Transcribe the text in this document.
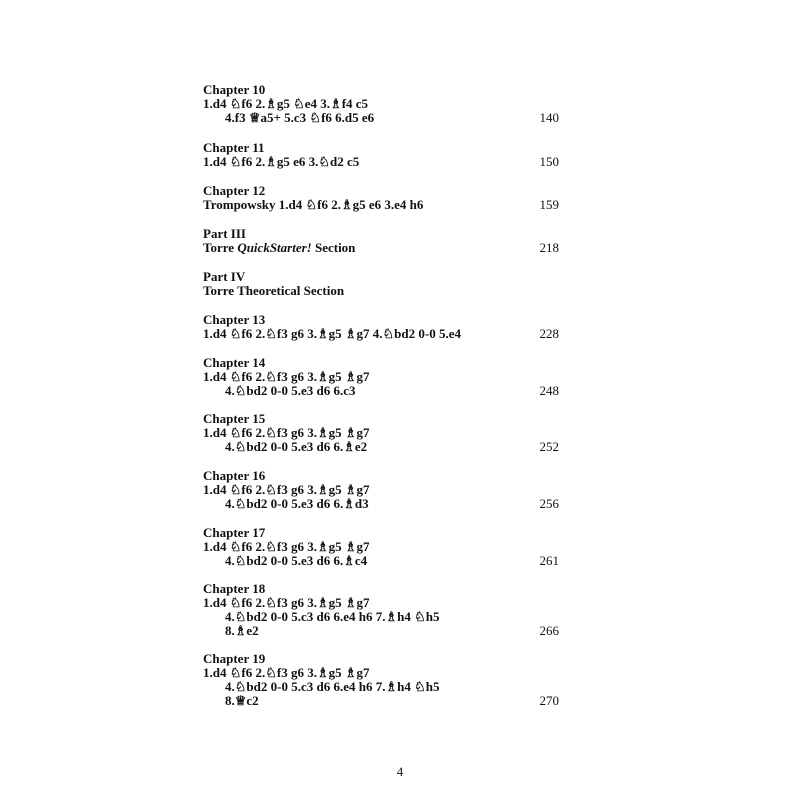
Chapter 10
1.d4 ♘f6 2.♗g5 ♘e4 3.♗f4 c5
4.f3 ♕a5+ 5.c3 ♘f6 6.d5 e6	140
Chapter 11
1.d4 ♘f6 2.♗g5 e6 3.♘d2 c5	150
Chapter 12
Trompowsky 1.d4 ♘f6 2.♗g5 e6 3.e4 h6	159
Part III
Torre QuickStarter! Section	218
Part IV
Torre Theoretical Section
Chapter 13
1.d4 ♘f6 2.♘f3 g6 3.♗g5 ♗g7 4.♘bd2 0-0 5.e4	228
Chapter 14
1.d4 ♘f6 2.♘f3 g6 3.♗g5 ♗g7
4.♘bd2 0-0 5.e3 d6 6.c3	248
Chapter 15
1.d4 ♘f6 2.♘f3 g6 3.♗g5 ♗g7
4.♘bd2 0-0 5.e3 d6 6.♗e2	252
Chapter 16
1.d4 ♘f6 2.♘f3 g6 3.♗g5 ♗g7
4.♘bd2 0-0 5.e3 d6 6.♗d3	256
Chapter 17
1.d4 ♘f6 2.♘f3 g6 3.♗g5 ♗g7
4.♘bd2 0-0 5.e3 d6 6.♗c4	261
Chapter 18
1.d4 ♘f6 2.♘f3 g6 3.♗g5 ♗g7
4.♘bd2 0-0 5.c3 d6 6.e4 h6 7.♗h4 ♘h5
8.♗e2	266
Chapter 19
1.d4 ♘f6 2.♘f3 g6 3.♗g5 ♗g7
4.♘bd2 0-0 5.c3 d6 6.e4 h6 7.♗h4 ♘h5
8.♕c2	270
4
